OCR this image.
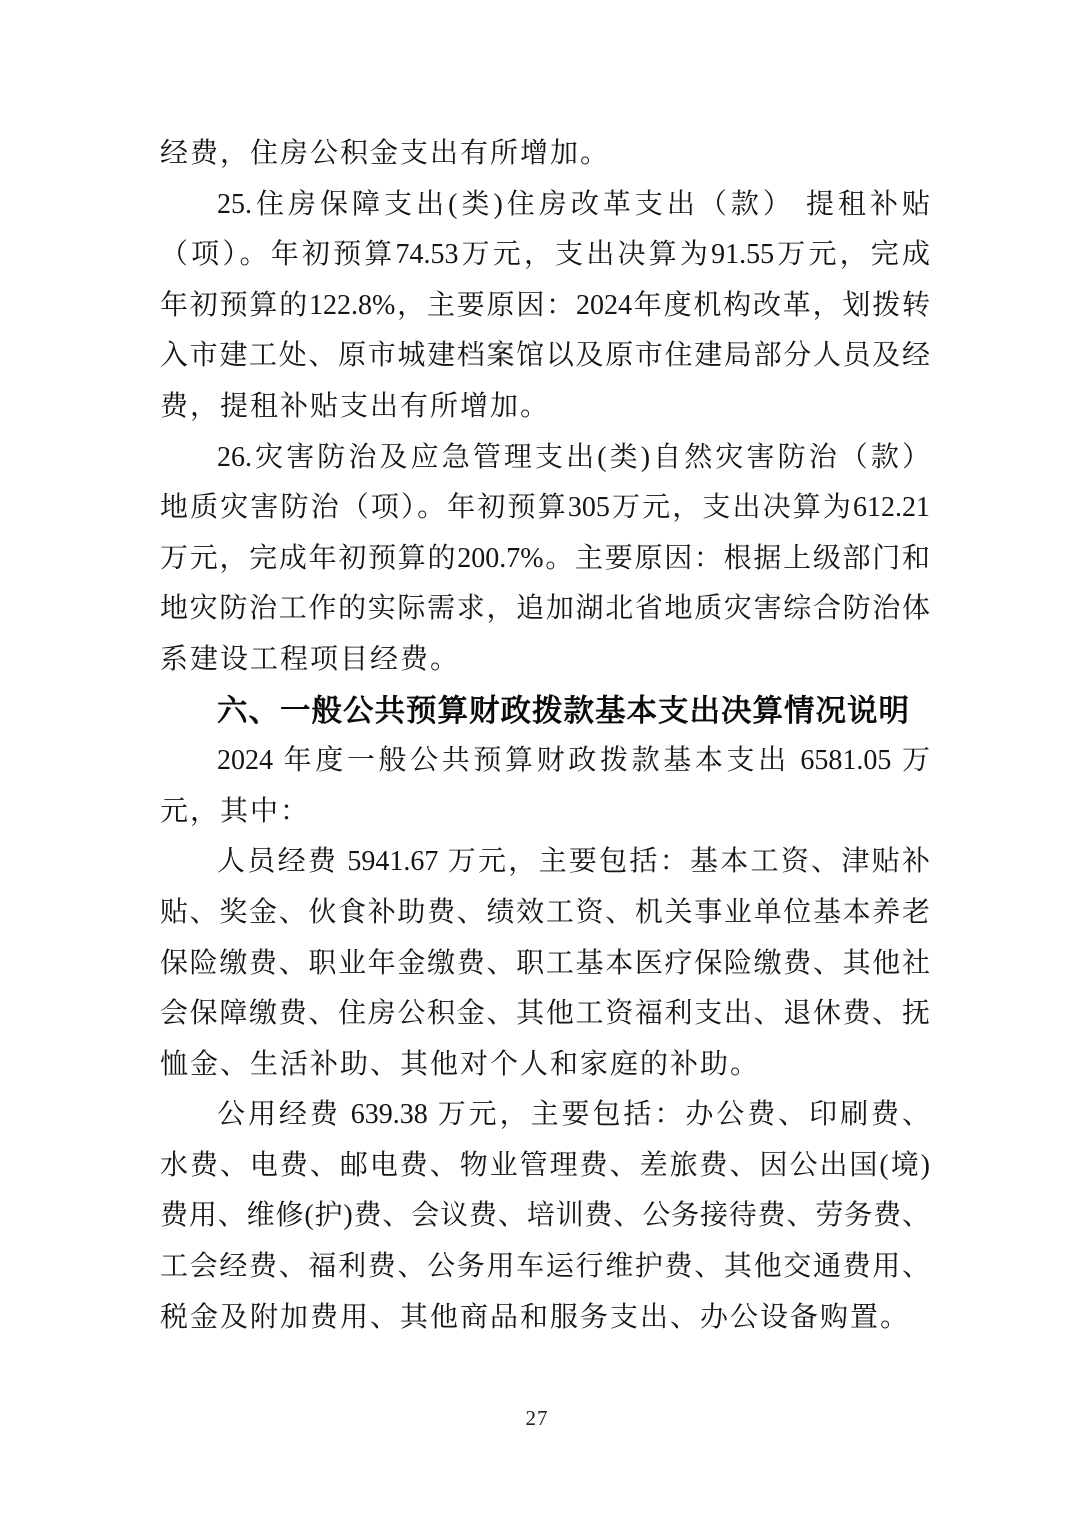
经费，住房公积金支出有所增加。
25.住房保障支出(类)住房改革支出（款） 提租补贴
（项）。年初预算74.53万元，支出决算为91.55万元，完成
年初预算的122.8%，主要原因：2024年度机构改革，划拨转
入市建工处、原市城建档案馆以及原市住建局部分人员及经
费，提租补贴支出有所增加。
26.灾害防治及应急管理支出(类)自然灾害防治（款）
地质灾害防治（项）。年初预算305万元，支出决算为612.21
万元，完成年初预算的200.7%。主要原因：根据上级部门和
地灾防治工作的实际需求，追加湖北省地质灾害综合防治体
系建设工程项目经费。
六、一般公共预算财政拨款基本支出决算情况说明
2024 年度一般公共预算财政拨款基本支出 6581.05 万
元，其中：
人员经费 5941.67 万元，主要包括：基本工资、津贴补
贴、奖金、伙食补助费、绩效工资、机关事业单位基本养老
保险缴费、职业年金缴费、职工基本医疗保险缴费、其他社
会保障缴费、住房公积金、其他工资福利支出、退休费、抚
恤金、生活补助、其他对个人和家庭的补助。
公用经费 639.38 万元，主要包括：办公费、印刷费、
水费、电费、邮电费、物业管理费、差旅费、因公出国(境)
费用、维修(护)费、会议费、培训费、公务接待费、劳务费、
工会经费、福利费、公务用车运行维护费、其他交通费用、
税金及附加费用、其他商品和服务支出、办公设备购置。
27
